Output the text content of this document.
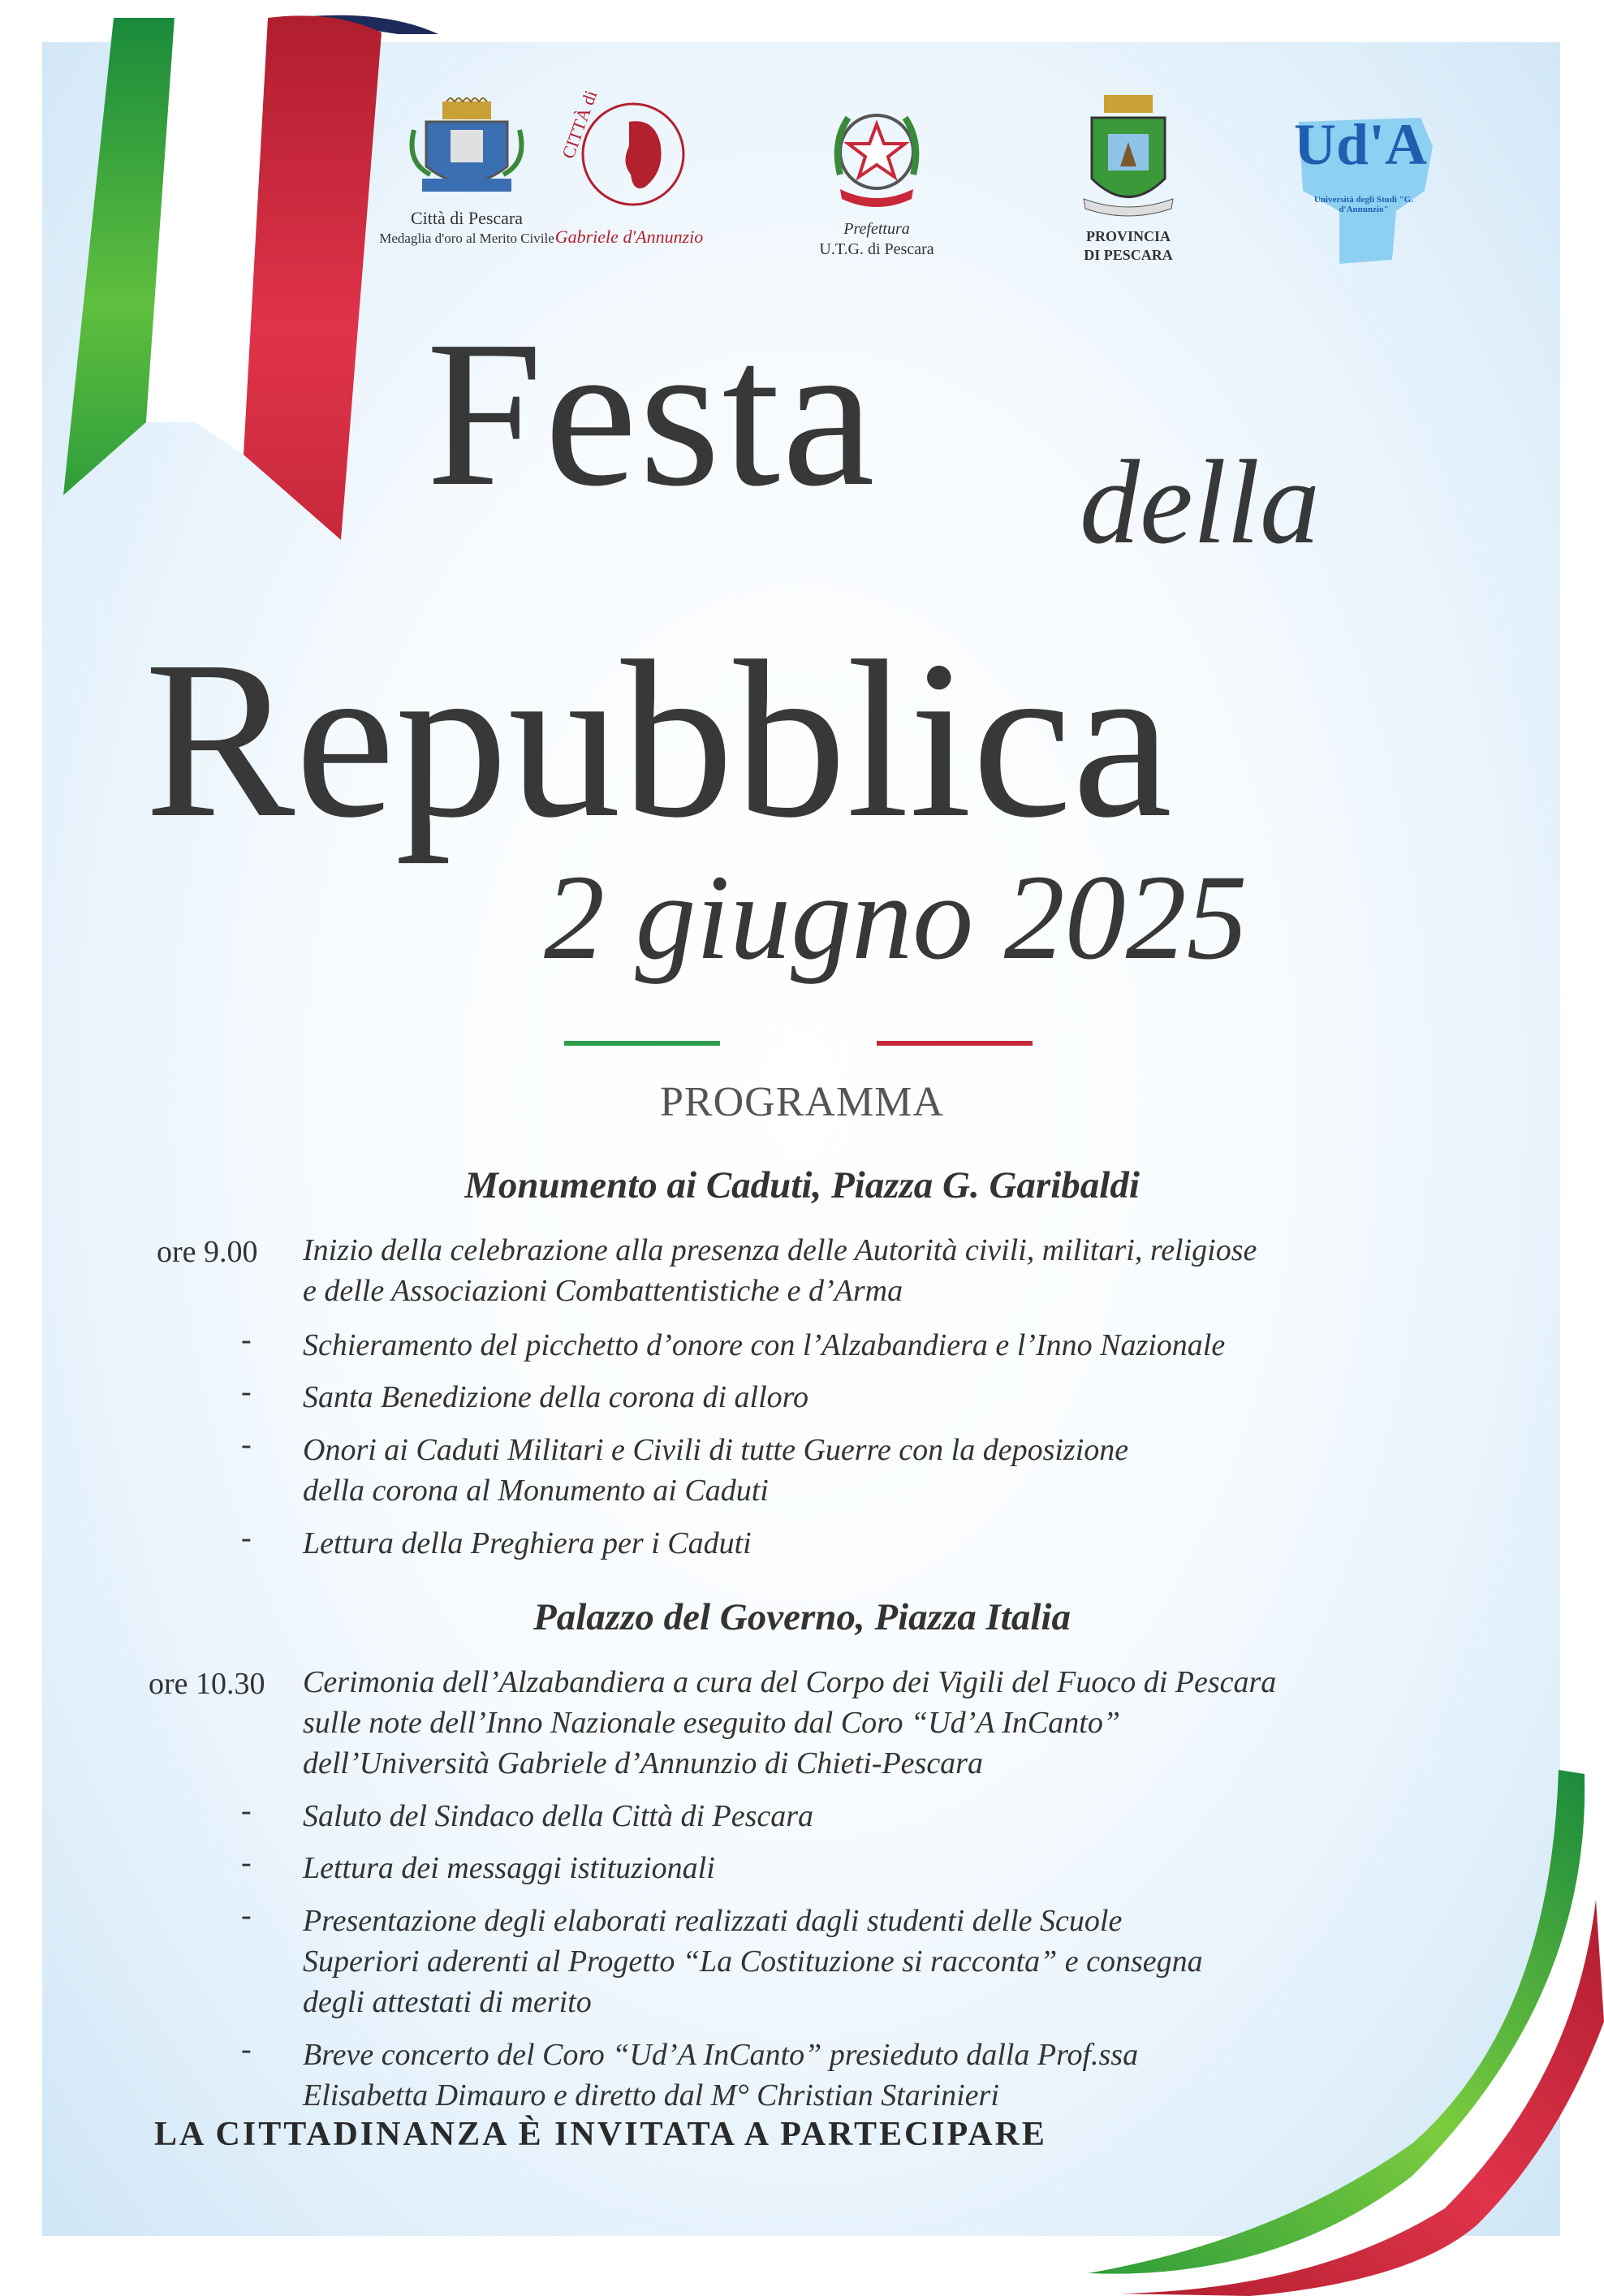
Città di Pescara
Medaglia d'oro al Merito Civile
CITTÀ di
Gabriele d'Annunzio	Prefettura
U.T.G. di Pescara
PROVINCIA
DI PESCARA
Ud'A
Università degli Studi "G. d'Annunzio"
Festa della
Repubblica
2 giugno 2025
PROGRAMMA
Monumento ai Caduti, Piazza G. Garibaldi
ore 9.00 Inizio della celebrazione alla presenza delle Autorità civili, militari, religiose
e delle Associazioni Combattentistiche e d’Arma
- Schieramento del picchetto d’onore con l’Alzabandiera e l’Inno Nazionale
- Santa Benedizione della corona di alloro
- Onori ai Caduti Militari e Civili di tutte Guerre con la deposizione
della corona al Monumento ai Caduti
- Lettura della Preghiera per i Caduti
Palazzo del Governo, Piazza Italia
ore 10.30 Cerimonia dell’Alzabandiera a cura del Corpo dei Vigili del Fuoco di Pescara
sulle note dell’Inno Nazionale eseguito dal Coro “Ud’A InCanto”
dell’Università Gabriele d’Annunzio di Chieti-Pescara
- Saluto del Sindaco della Città di Pescara
- Lettura dei messaggi istituzionali
- Presentazione degli elaborati realizzati dagli studenti delle Scuole
Superiori aderenti al Progetto “La Costituzione si racconta” e consegna
degli attestati di merito
- Breve concerto del Coro “Ud’A InCanto” presieduto dalla Prof.ssa
Elisabetta Dimauro e diretto dal M° Christian Starinieri
LA CITTADINANZA È INVITATA A PARTECIPARE
